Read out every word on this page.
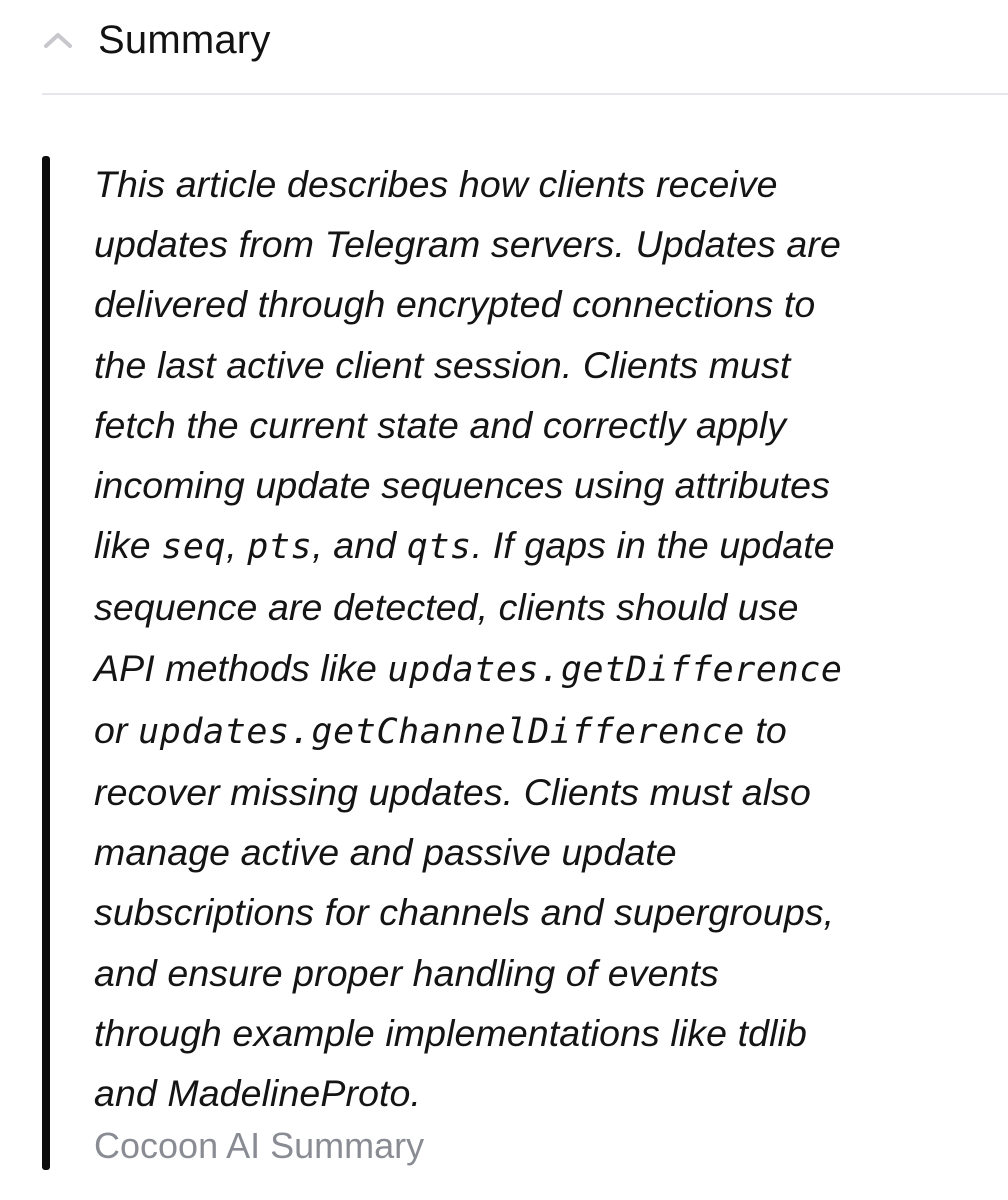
Summary

This article describes how clients receive
updates from Telegram servers. Updates are
delivered through encrypted connections to
the last active client session. Clients must
fetch the current state and correctly apply
incoming update sequences using attributes
like seq, pts, and qts. If gaps in the update
sequence are detected, clients should use
API methods like updates.getDifference
or updates.getChannelDifference to
recover missing updates. Clients must also
manage active and passive update
subscriptions for channels and supergroups,
and ensure proper handling of events
through example implementations like tdlib
and MadelineProto.

Cocoon AI Summary
